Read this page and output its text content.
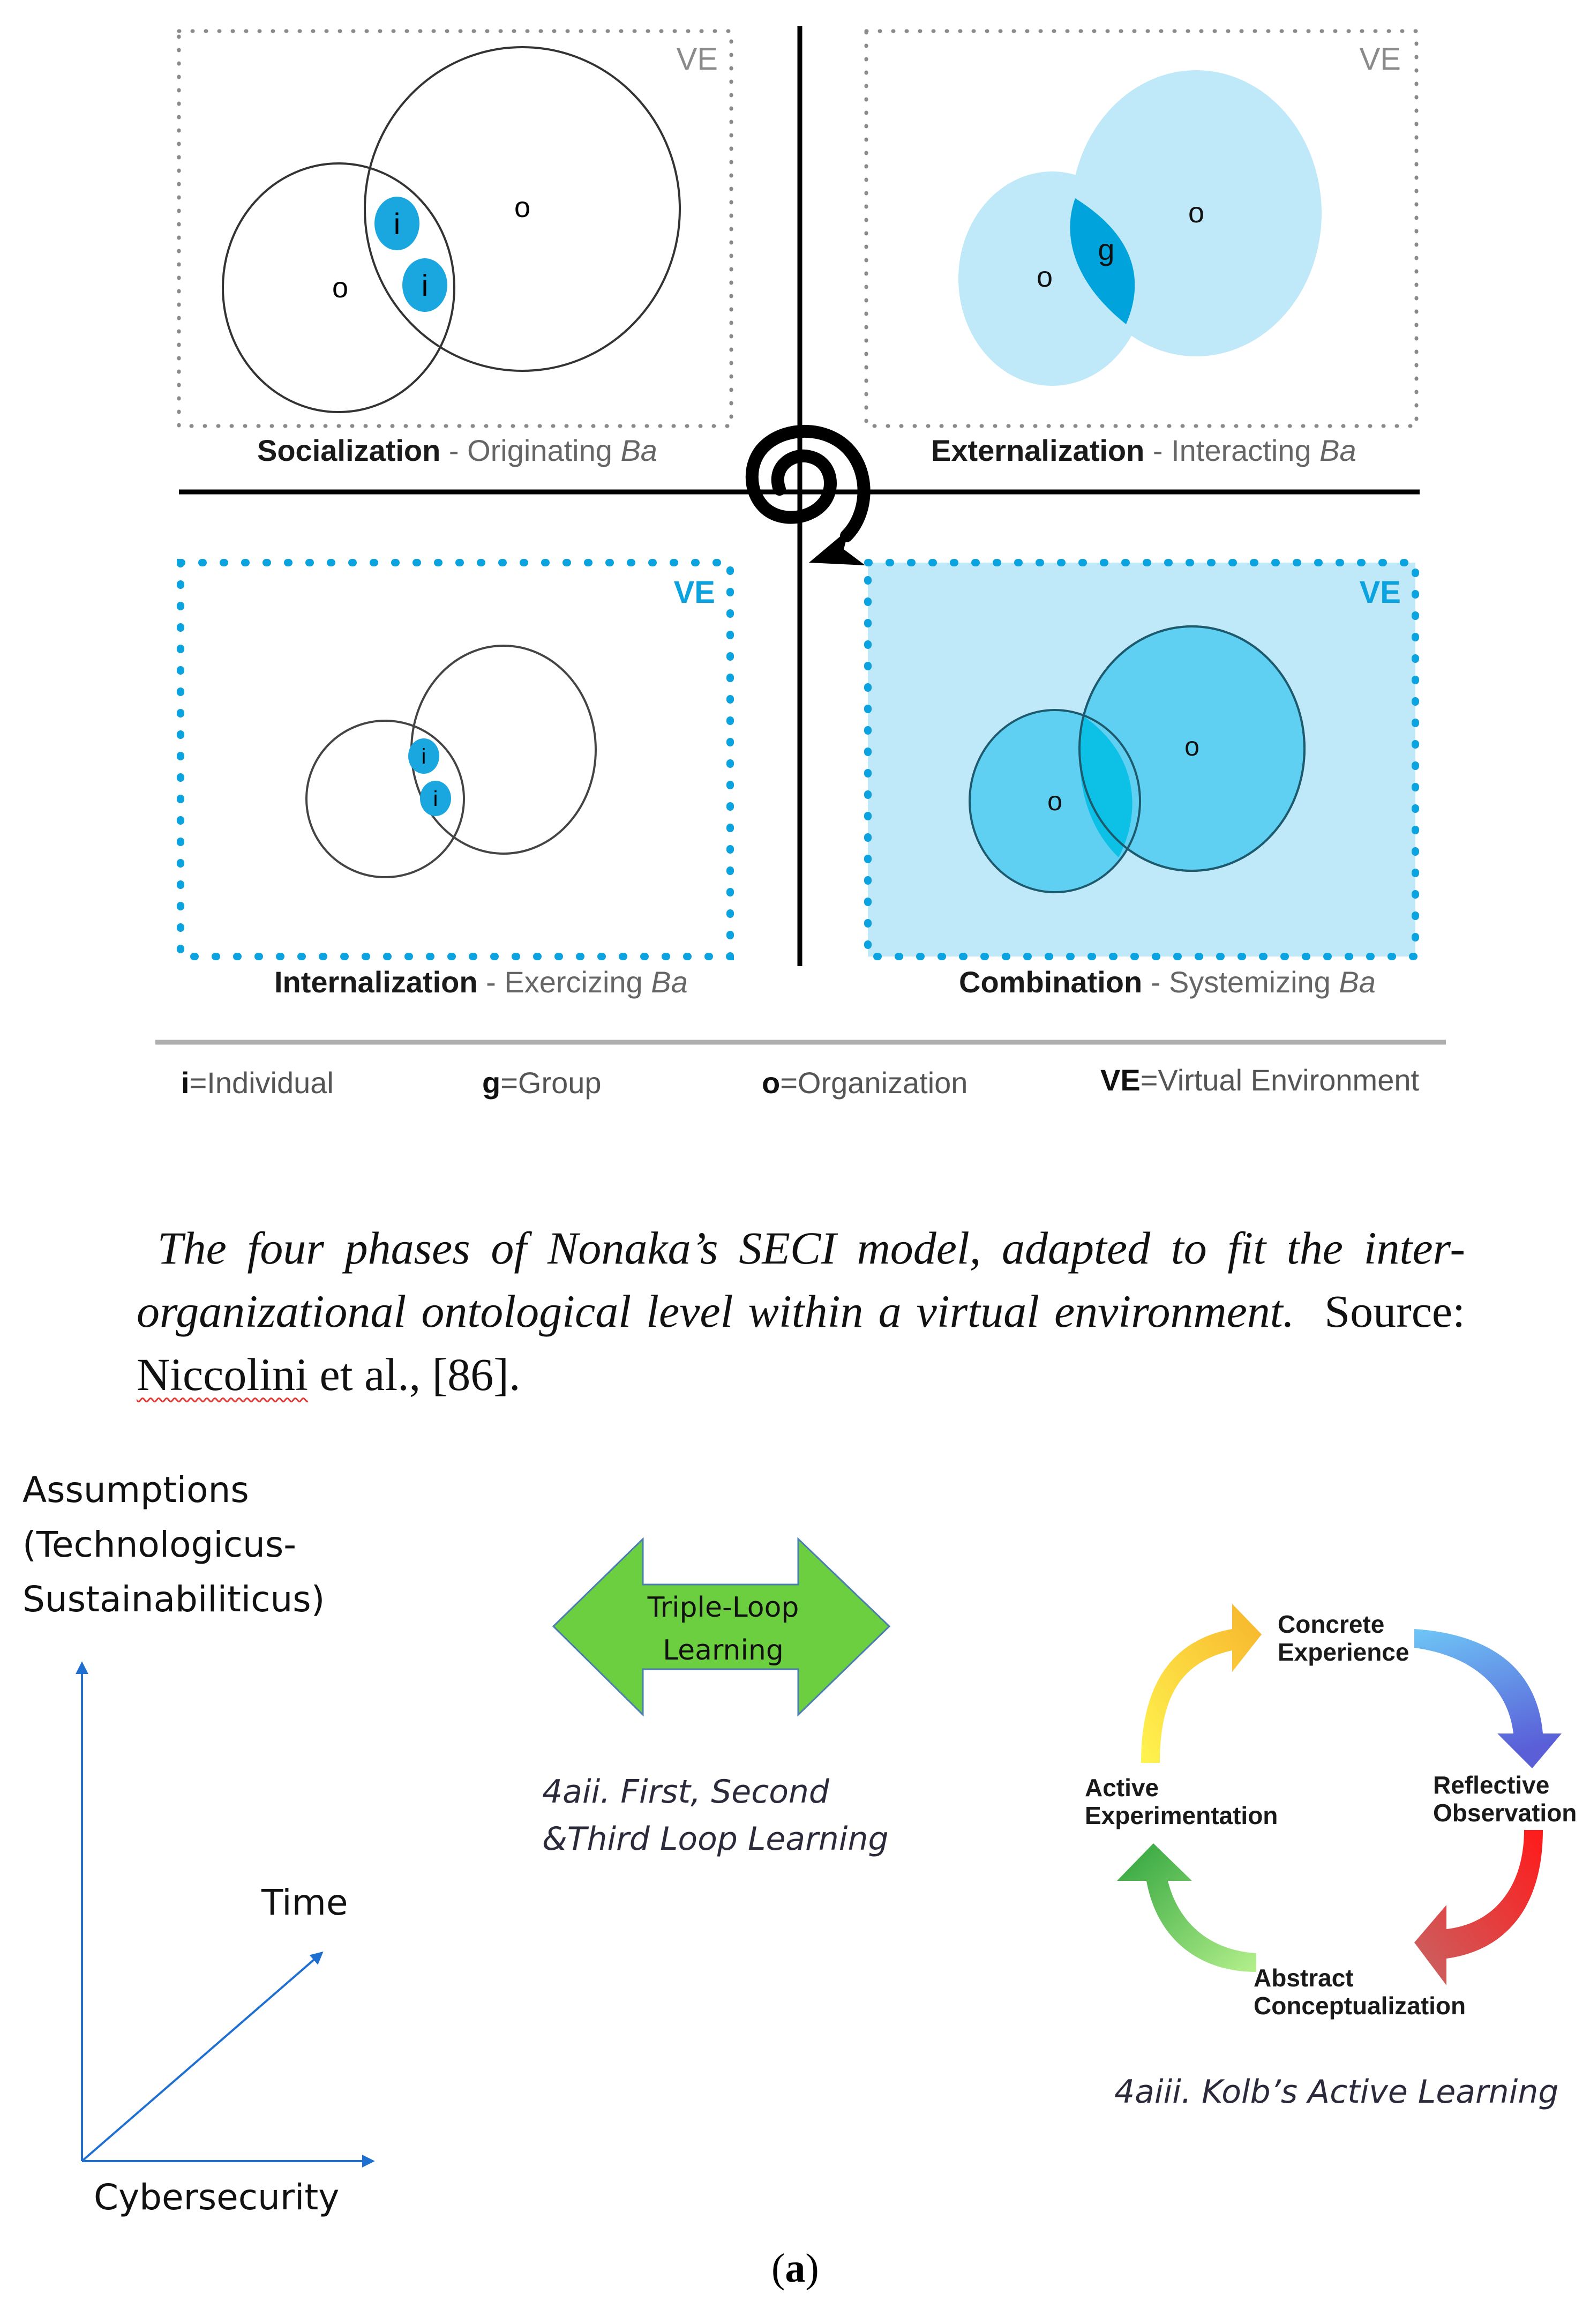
VE
i
i
o
o
Socialization - Originating Ba
VE
g
o
o
Externalization - Interacting Ba
VE
i
i
Internalization - Exercizing Ba
VE
o
o
Combination - Systemizing Ba
i=Individual	g=Group	o=Organization	VE=Virtual Environment
The four phases of Nonaka’s SECI model, adapted to fit the inter-organizational ontological level within a virtual environment. Source: Niccolini et al., [86].
Assumptions
(Technologicus-
Sustainabiliticus)
Time
Cybersecurity
Triple-Loop
Learning
4aii. First, Second
&Third Loop Learning
Concrete
Experience
Reflective
Observation
Abstract
Conceptualization
Active
Experimentation
4aiii. Kolb’s Active Learning
(a)
